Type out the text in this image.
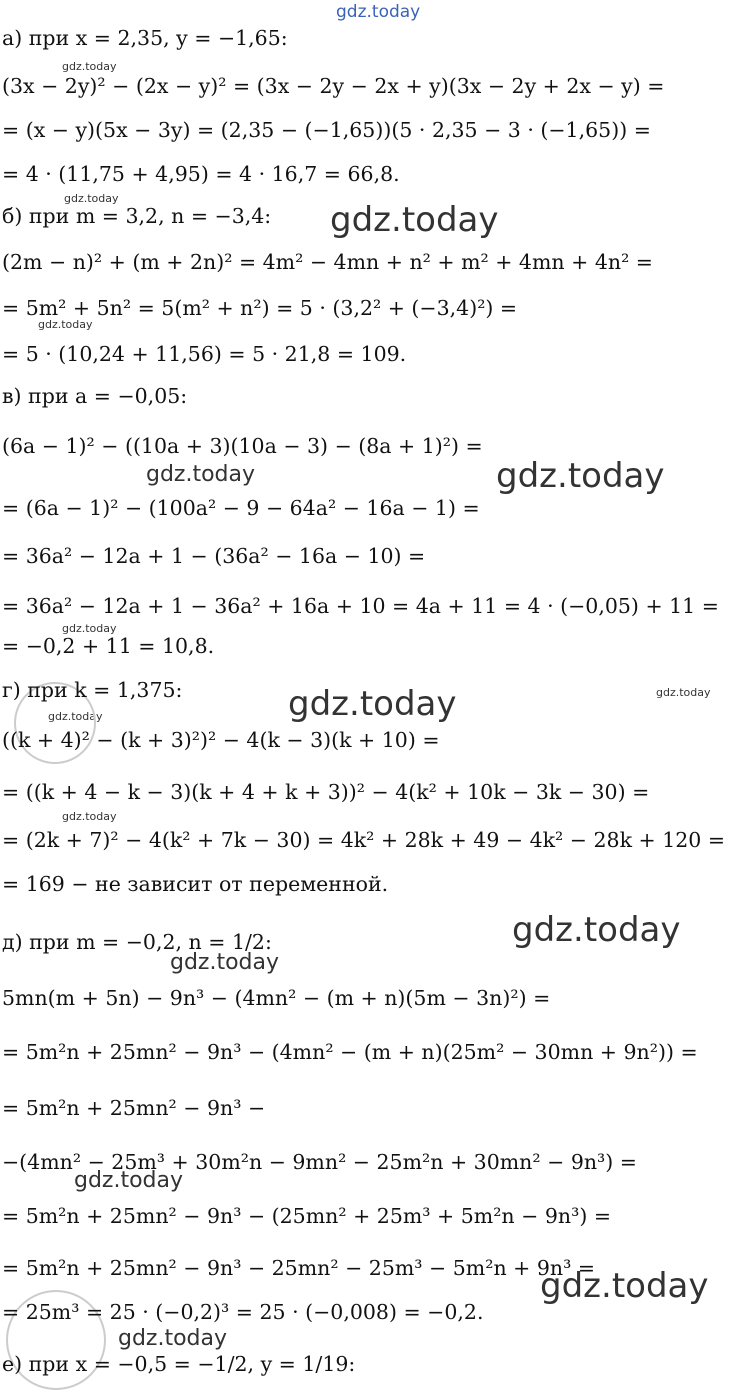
gdz.today
gdz.today
gdz.today
gdz.today
gdz.today
gdz.today	gdz.today
gdz.today
gdz.today
gdz.today
gdz.today
gdz.today
gdz.today
gdz.today
gdz.today
gdz.today
gdz.today
а) при x = 2,35, y = −1,65:
(3x − 2y)² − (2x − y)² = (3x − 2y − 2x + y)(3x − 2y + 2x − y) =
= (x − y)(5x − 3y) = (2,35 − (−1,65))(5 · 2,35 − 3 · (−1,65)) =
= 4 · (11,75 + 4,95) = 4 · 16,7 = 66,8.
б) при m = 3,2, n = −3,4:
(2m − n)² + (m + 2n)² = 4m² − 4mn + n² + m² + 4mn + 4n² =
= 5m² + 5n² = 5(m² + n²) = 5 · (3,2² + (−3,4)²) =
= 5 · (10,24 + 11,56) = 5 · 21,8 = 109.
в) при a = −0,05:
(6a − 1)² − ((10a + 3)(10a − 3) − (8a + 1)²) =
= (6a − 1)² − (100a² − 9 − 64a² − 16a − 1) =
= 36a² − 12a + 1 − (36a² − 16a − 10) =
= 36a² − 12a + 1 − 36a² + 16a + 10 = 4a + 11 = 4 · (−0,05) + 11 =
= −0,2 + 11 = 10,8.
г) при k = 1,375:
((k + 4)² − (k + 3)²)² − 4(k − 3)(k + 10) =
= ((k + 4 − k − 3)(k + 4 + k + 3))² − 4(k² + 10k − 3k − 30) =
= (2k + 7)² − 4(k² + 7k − 30) = 4k² + 28k + 49 − 4k² − 28k + 120 =
= 169 − не зависит от переменной.
д) при m = −0,2, n = 1/2:
5mn(m + 5n) − 9n³ − (4mn² − (m + n)(5m − 3n)²) =
= 5m²n + 25mn² − 9n³ − (4mn² − (m + n)(25m² − 30mn + 9n²)) =
= 5m²n + 25mn² − 9n³ −
−(4mn² − 25m³ + 30m²n − 9mn² − 25m²n + 30mn² − 9n³) =
= 5m²n + 25mn² − 9n³ − (25mn² + 25m³ + 5m²n − 9n³) =
= 5m²n + 25mn² − 9n³ − 25mn² − 25m³ − 5m²n + 9n³ =
= 25m³ = 25 · (−0,2)³ = 25 · (−0,008) = −0,2.
е) при x = −0,5 = −1/2, y = 1/19:
